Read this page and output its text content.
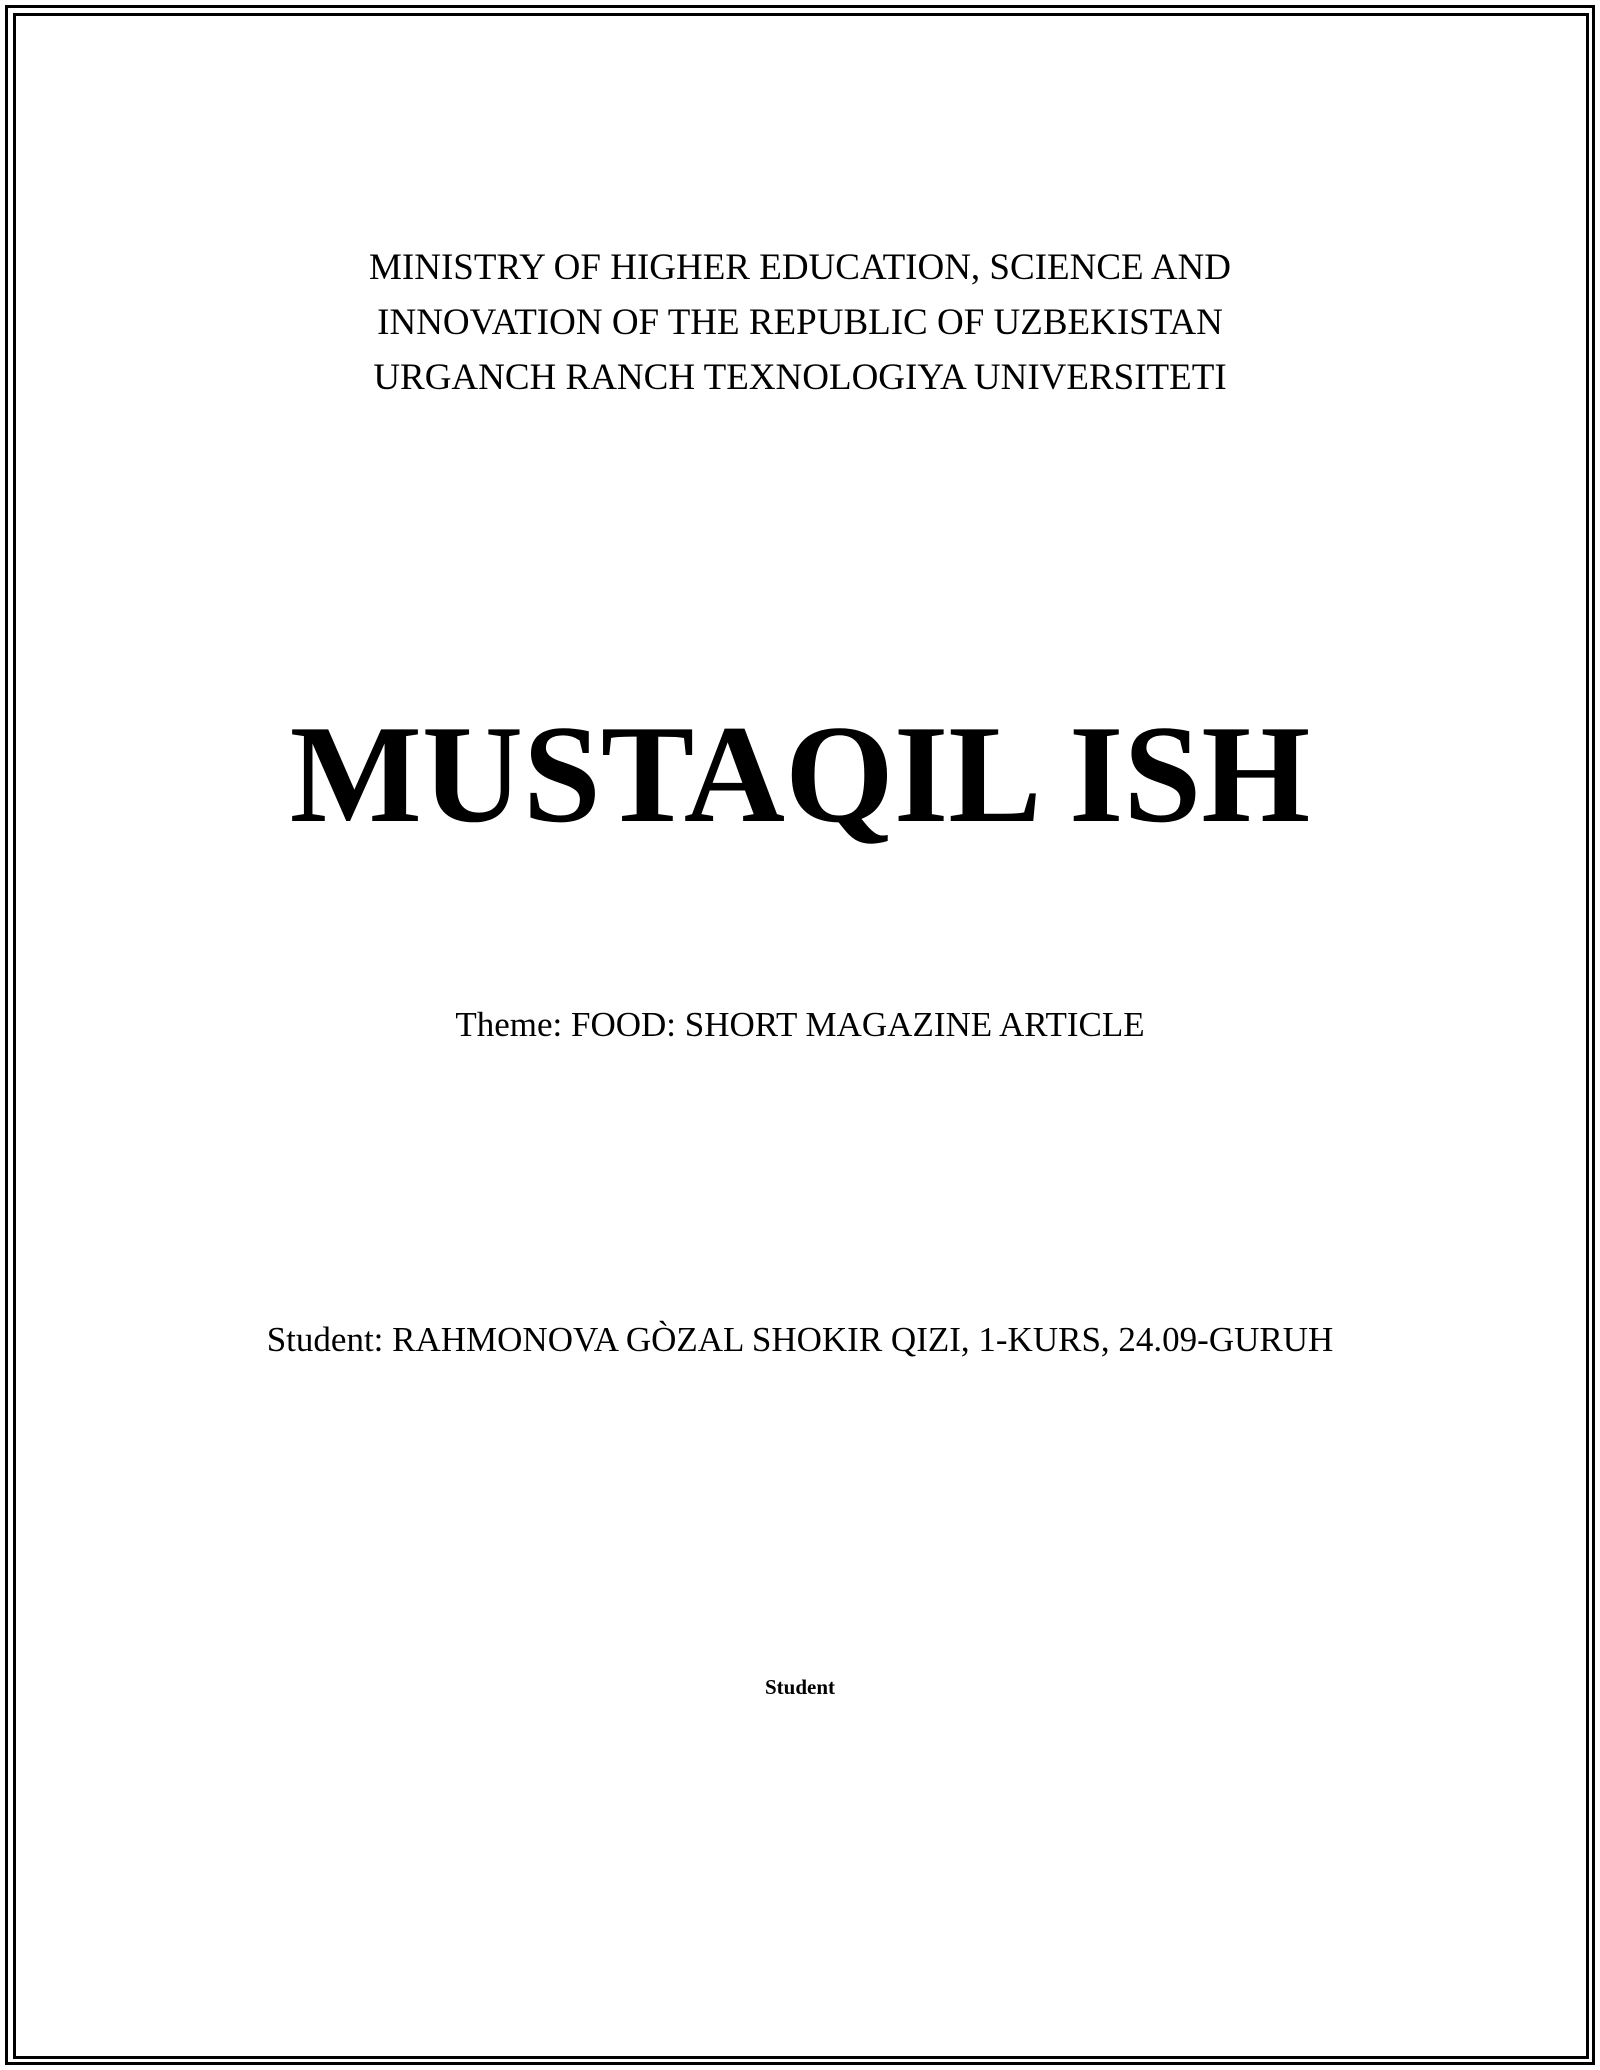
MINISTRY OF HIGHER EDUCATION, SCIENCE AND
INNOVATION OF THE REPUBLIC OF UZBEKISTAN
URGANCH RANCH TEXNOLOGIYA UNIVERSITETI
MUSTAQIL ISH
Theme: FOOD: SHORT MAGAZINE ARTICLE
Student: RAHMONOVA GÒZAL SHOKIR QIZI, 1-KURS, 24.09-GURUH
Student
